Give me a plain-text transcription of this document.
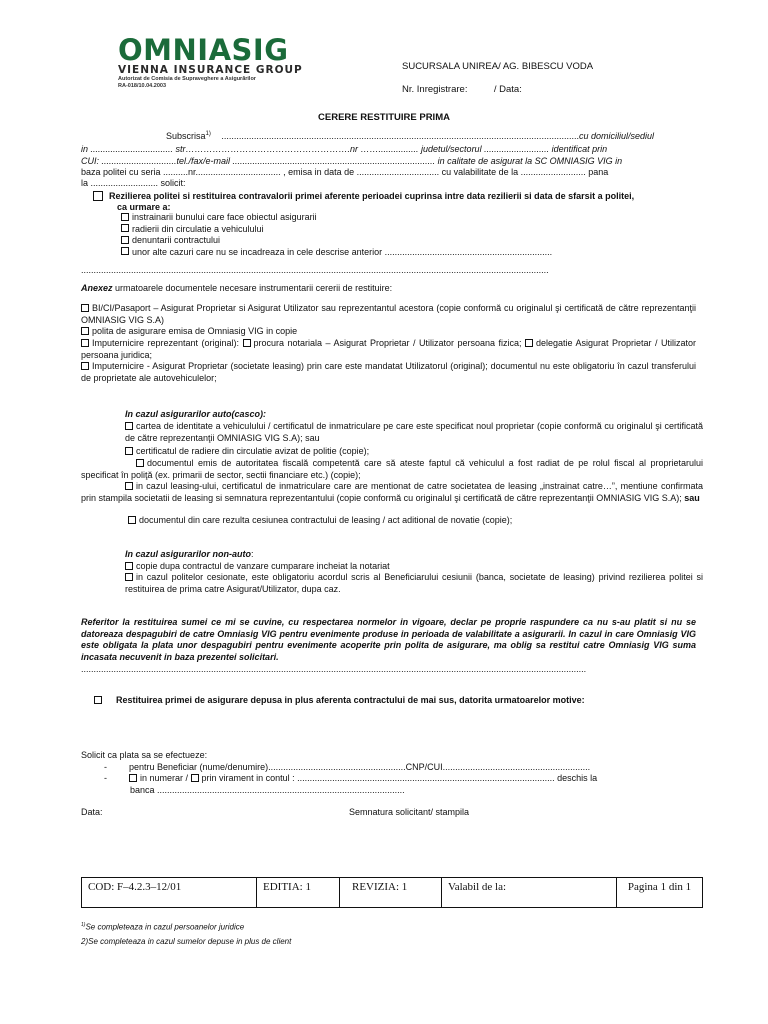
OMNIASIG
VIENNA INSURANCE GROUP
Autorizat de Comisia de Supraveghere a Asigurărilor
RA-018/10.04.2003
SUCURSALA UNIREA/ AG. BIBESCU VODA
Nr. Inregistrare:          / Data:
CERERE RESTITUIRE PRIMA
Subscrisa$^{1)}$ ...............................................................................................................................................cu domiciliul/sediul
in ................................. str……………………………………………….nr ……................ judetul/sectorul .......................... identificat prin
CUI: ..............................tel./fax/e-mail ................................................................................. in calitate de asigurat la SC OMNIASIG VIG in
baza politei cu seria ..........nr.................................. , emisa in data de ................................. cu valabilitate de la .......................... pana
la ........................... solicit:
Rezilierea politei si restituirea contravalorii primei aferente perioadei cuprinsa intre data rezilierii si data de sfarsit a politei,
ca urmare a:
instrainarii bunului care face obiectul asigurarii
radierii din circulatie a vehiculului
denuntarii contractului
unor alte cazuri care nu se incadreaza in cele descrise anterior ...................................................................
...........................................................................................................................................................................................
Anexez urmatoarele documentele necesare instrumentarii cererii de restituire:
BI/CI/Pasaport – Asigurat Proprietar si Asigurat Utilizator sau reprezentantul acestora (copie conformă cu originalul şi certificată de către reprezentanţii OMNIASIG VIG S.A)
polita de asigurare emisa de Omniasig VIG in copie
Imputernicire reprezentant (original): procura notariala – Asigurat Proprietar / Utilizator persoana fizica; delegatie Asigurat Proprietar / Utilizator persoana juridica;
Imputernicire - Asigurat Proprietar (societate leasing) prin care este mandatat Utilizatorul (original); documentul nu este obligatoriu în cazul transferului de proprietate ale autovehiculelor;
In cazul asigurarilor auto(casco):
cartea de identitate a vehiculului / certificatul de inmatriculare pe care este specificat noul proprietar (copie conformă cu originalul şi certificată de către reprezentanţii OMNIASIG VIG S.A); sau
certificatul de radiere din circulatie avizat de politie (copie);
documentul emis de autoritatea fiscală competentă care să ateste faptul că vehiculul a fost radiat de pe rolul fiscal al proprietarului specificat în poliţă (ex. primarii de sector, sectii financiare etc.) (copie);
in cazul leasing-ului, certificatul de inmatriculare care are mentionat de catre societatea de leasing „instrainat catre…”, mentiune confirmata prin stampila societatii de leasing si semnatura reprezentantului (copie conformă cu originalul şi certificată de către reprezentanţii OMNIASIG VIG S.A); sau
documentul din care rezulta cesiunea contractului de leasing / act aditional de novatie (copie);
In cazul asigurarilor non-auto:
copie dupa contractul de vanzare cumparare incheiat la notariat
in cazul politelor cesionate, este obligatoriu acordul scris al Beneficiarului cesiunii (banca, societate de leasing) privind rezilierea politei si restituirea de prima catre Asigurat/Utilizator, dupa caz.
Referitor la restituirea sumei ce mi se cuvine, cu respectarea normelor in vigoare, declar pe proprie raspundere ca nu s-au platit si nu se datoreaza despagubiri de catre Omniasig VIG pentru evenimente produse in perioada de valabilitate a asigurarii. In cazul in care Omniasig VIG este obligata la plata unor despagubiri pentru evenimente acoperite prin polita de asigurare, ma oblig sa restitui catre Omniasig VIG suma incasata necuvenit in baza prezentei solicitari.
..........................................................................................................................................................................................................
Restituirea primei de asigurare depusa in plus aferenta contractului de mai sus, datorita urmatoarelor motive:
Solicit ca plata sa se efectueze:
- pentru Beneficiar (nume/denumire).......................................................CNP/CUI...........................................................
-	in numerar / prin virament in contul : ....................................................................................................... deschis la
banca ...................................................................................................
Data:	Semnatura solicitant/ stampila
COD: F–4.2.3–12/01	EDITIA: 1	REVIZIA: 1	Valabil de la:	Pagina 1 din 1
$^{1)}$Se completeaza in cazul persoanelor juridice
2)Se completeaza in cazul sumelor depuse in plus de client
